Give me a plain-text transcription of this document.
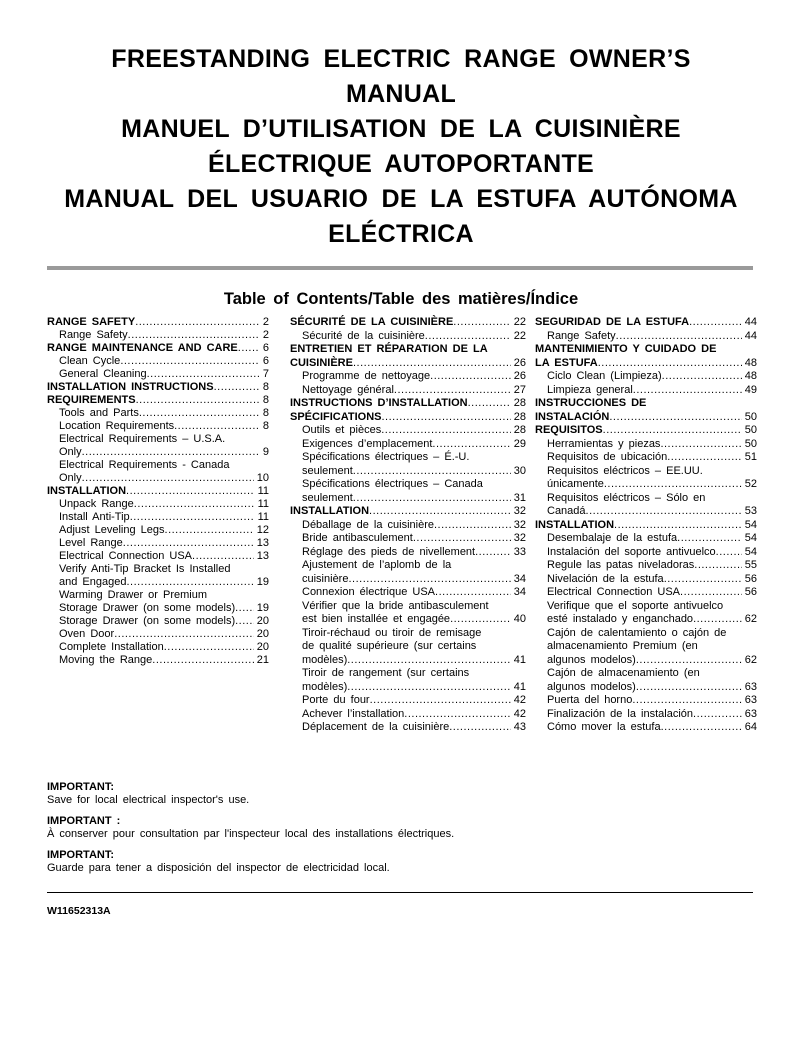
FREESTANDING ELECTRIC RANGE OWNER’S
MANUAL
MANUEL D’UTILISATION DE LA CUISINIÈRE
ÉLECTRIQUE AUTOPORTANTE
MANUAL DEL USUARIO DE LA ESTUFA AUTÓNOMA
ELÉCTRICA
Table of Contents/Table des matières/Índice
RANGE SAFETY .....	2
Range Safety .....	2
RANGE MAINTENANCE AND CARE ..... 6
Clean Cycle .....	6
General Cleaning .....	7
INSTALLATION INSTRUCTIONS .....	8
REQUIREMENTS .....	8
Tools and Parts .....	8
Location Requirements .....	8
Electrical Requirements – U.S.A.
Only .....	9
Electrical Requirements - Canada
Only .....	10
INSTALLATION .....	11
Unpack Range .....	11
Install Anti-Tip .....	11
Adjust Leveling Legs .....	12
Level Range .....	13
Electrical Connection USA .....	13
Verify Anti-Tip Bracket Is Installed
and Engaged .....	19
Warming Drawer or Premium
Storage Drawer (on some models) ..... 19
Storage Drawer (on some models) ..... 20
Oven Door .....	20
Complete Installation .....	20
Moving the Range .....	21
SÉCURITÉ DE LA CUISINIÈRE .....	22
Sécurité de la cuisinière .....	22
ENTRETIEN ET RÉPARATION DE LA
CUISINIÈRE .....	26
Programme de nettoyage .....	26
Nettoyage général .....	27
INSTRUCTIONS D’INSTALLATION .....	28
SPÉCIFICATIONS .....	28
Outils et pièces .....	28
Exigences d’emplacement .....	29
Spécifications électriques – É.-U.
seulement .....	30
Spécifications électriques – Canada
seulement .....	31
INSTALLATION .....	32
Déballage de la cuisinière .....	32
Bride antibasculement .....	32
Réglage des pieds de nivellement .....	33
Ajustement de l’aplomb de la
cuisinière .....	34
Connexion électrique USA .....	34
Vérifier que la bride antibasculement
est bien installée et engagée .....	40
Tiroir-réchaud ou tiroir de remisage
de qualité supérieure (sur certains
modèles) .....	41
Tiroir de rangement (sur certains
modèles) .....	41
Porte du four .....	42
Achever l’installation .....	42
Déplacement de la cuisinière .....	43
SEGURIDAD DE LA ESTUFA .....	44
Range Safety .....	44
MANTENIMIENTO Y CUIDADO DE
LA ESTUFA .....	48
Ciclo Clean (Limpieza) .....	48
Limpieza general .....	49
INSTRUCCIONES DE
INSTALACIÓN .....	50
REQUISITOS .....	50
Herramientas y piezas .....	50
Requisitos de ubicación .....	51
Requisitos eléctricos – EE.UU.
únicamente .....	52
Requisitos eléctricos – Sólo en
Canadá .....	53
INSTALLATION .....	54
Desembalaje de la estufa .....	54
Instalación del soporte antivuelco .....	54
Regule las patas niveladoras .....	55
Nivelación de la estufa .....	56
Electrical Connection USA .....	56
Verifique que el soporte antivuelco
esté instalado y enganchado .....	62
Cajón de calentamiento o cajón de
almacenamiento Premium (en
algunos modelos) .....	62
Cajón de almacenamiento (en
algunos modelos) .....	63
Puerta del horno .....	63
Finalización de la instalación .....	63
Cómo mover la estufa .....	64
IMPORTANT:
Save for local electrical inspector's use.
IMPORTANT :
À conserver pour consultation par l'inspecteur local des installations électriques.
IMPORTANT:
Guarde para tener a disposición del inspector de electricidad local.
W11652313A
